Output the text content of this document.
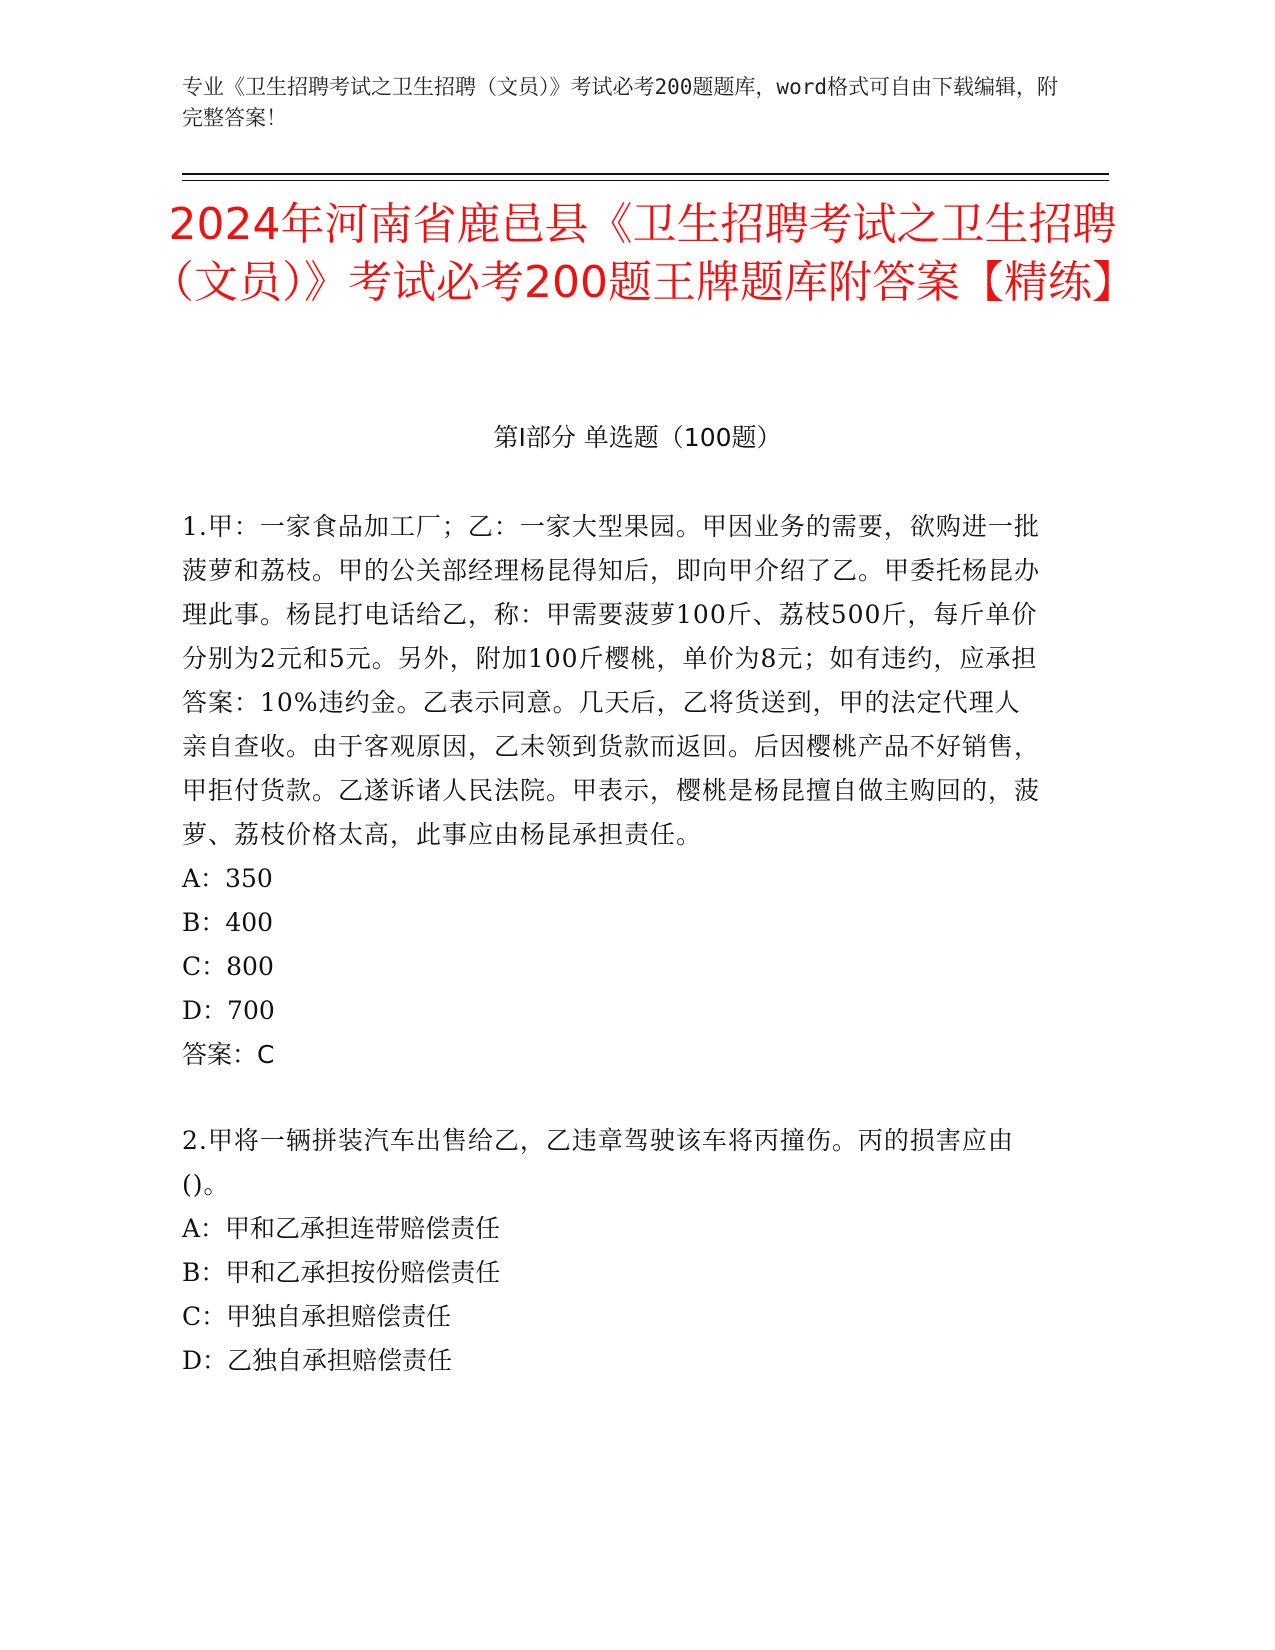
专业《卫生招聘考试之卫生招聘（文员）》考试必考200题题库，word格式可自由下载编辑，附完整答案！
2024年河南省鹿邑县《卫生招聘考试之卫生招聘（文员）》考试必考200题王牌题库附答案【精练】
第Ⅰ部分 单选题（100题）

1.甲：一家食品加工厂；乙：一家大型果园。甲因业务的需要，欲购进一批菠萝和荔枝。甲的公关部经理杨昆得知后，即向甲介绍了乙。甲委托杨昆办理此事。杨昆打电话给乙，称：甲需要菠萝100斤、荔枝500斤，每斤单价分别为2元和5元。另外，附加100斤樱桃，单价为8元；如有违约，应承担答案：10%违约金。乙表示同意。几天后，乙将货送到，甲的法定代理人亲自查收。由于客观原因，乙未领到货款而返回。后因樱桃产品不好销售，甲拒付货款。乙遂诉诸人民法院。甲表示，樱桃是杨昆擅自做主购回的，菠萝、荔枝价格太高，此事应由杨昆承担责任。

A：350

B：400

C：800

D：700

答案：C

2.甲将一辆拼装汽车出售给乙，乙违章驾驶该车将丙撞伤。丙的损害应由()。

A：甲和乙承担连带赔偿责任

B：甲和乙承担按份赔偿责任

C：甲独自承担赔偿责任

D：乙独自承担赔偿责任
